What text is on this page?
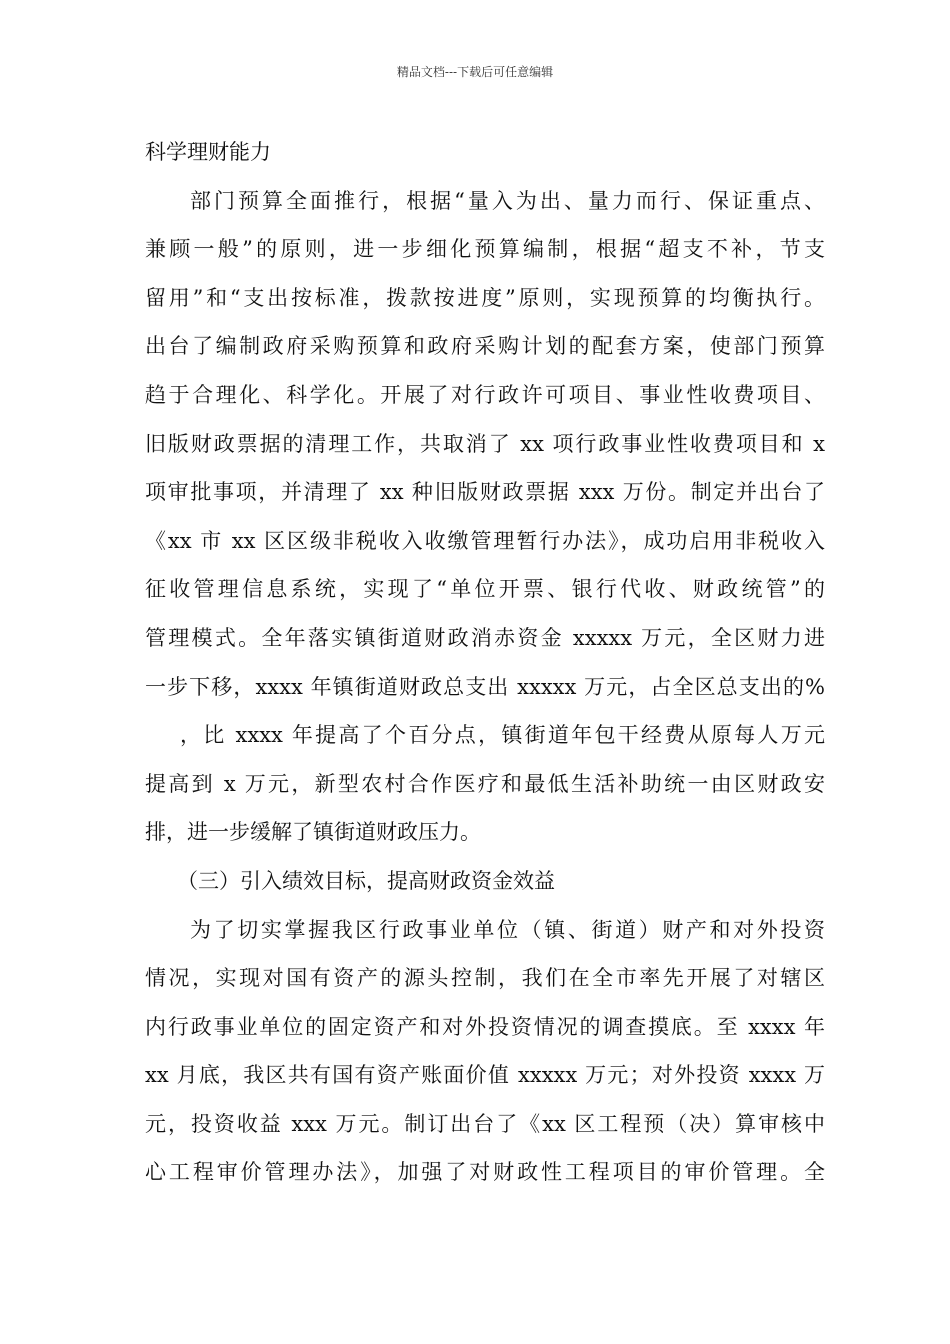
精品文档---下载后可任意编辑
科学理财能力
部门预算全面推行，根据“量入为出、量力而行、保证重点、
兼顾一般”的原则，进一步细化预算编制，根据“超支不补，节支
留用”和“支出按标准，拨款按进度”原则，实现预算的均衡执行。
出台了编制政府采购预算和政府采购计划的配套方案，使部门预算
趋于合理化、科学化。开展了对行政许可项目、事业性收费项目、
旧版财政票据的清理工作，共取消了 xx 项行政事业性收费项目和 x
项审批事项，并清理了 xx 种旧版财政票据 xxx 万份。制定并出台了
《xx 市 xx 区区级非税收入收缴管理暂行办法》，成功启用非税收入
征收管理信息系统，实现了“单位开票、银行代收、财政统管”的
管理模式。全年落实镇街道财政消赤资金 xxxxx 万元，全区财力进
一步下移，xxxx 年镇街道财政总支出 xxxxx 万元，占全区总支出的%
，比 xxxx 年提高了个百分点，镇街道年包干经费从原每人万元
提高到 x 万元，新型农村合作医疗和最低生活补助统一由区财政安
排，进一步缓解了镇街道财政压力。
（三）引入绩效目标，提高财政资金效益
为了切实掌握我区行政事业单位（镇、街道）财产和对外投资
情况，实现对国有资产的源头控制，我们在全市率先开展了对辖区
内行政事业单位的固定资产和对外投资情况的调查摸底。至 xxxx 年
xx 月底，我区共有国有资产账面价值 xxxxx 万元；对外投资 xxxx 万
元，投资收益 xxx 万元。制订出台了《xx 区工程预（决）算审核中
心工程审价管理办法》，加强了对财政性工程项目的审价管理。全
